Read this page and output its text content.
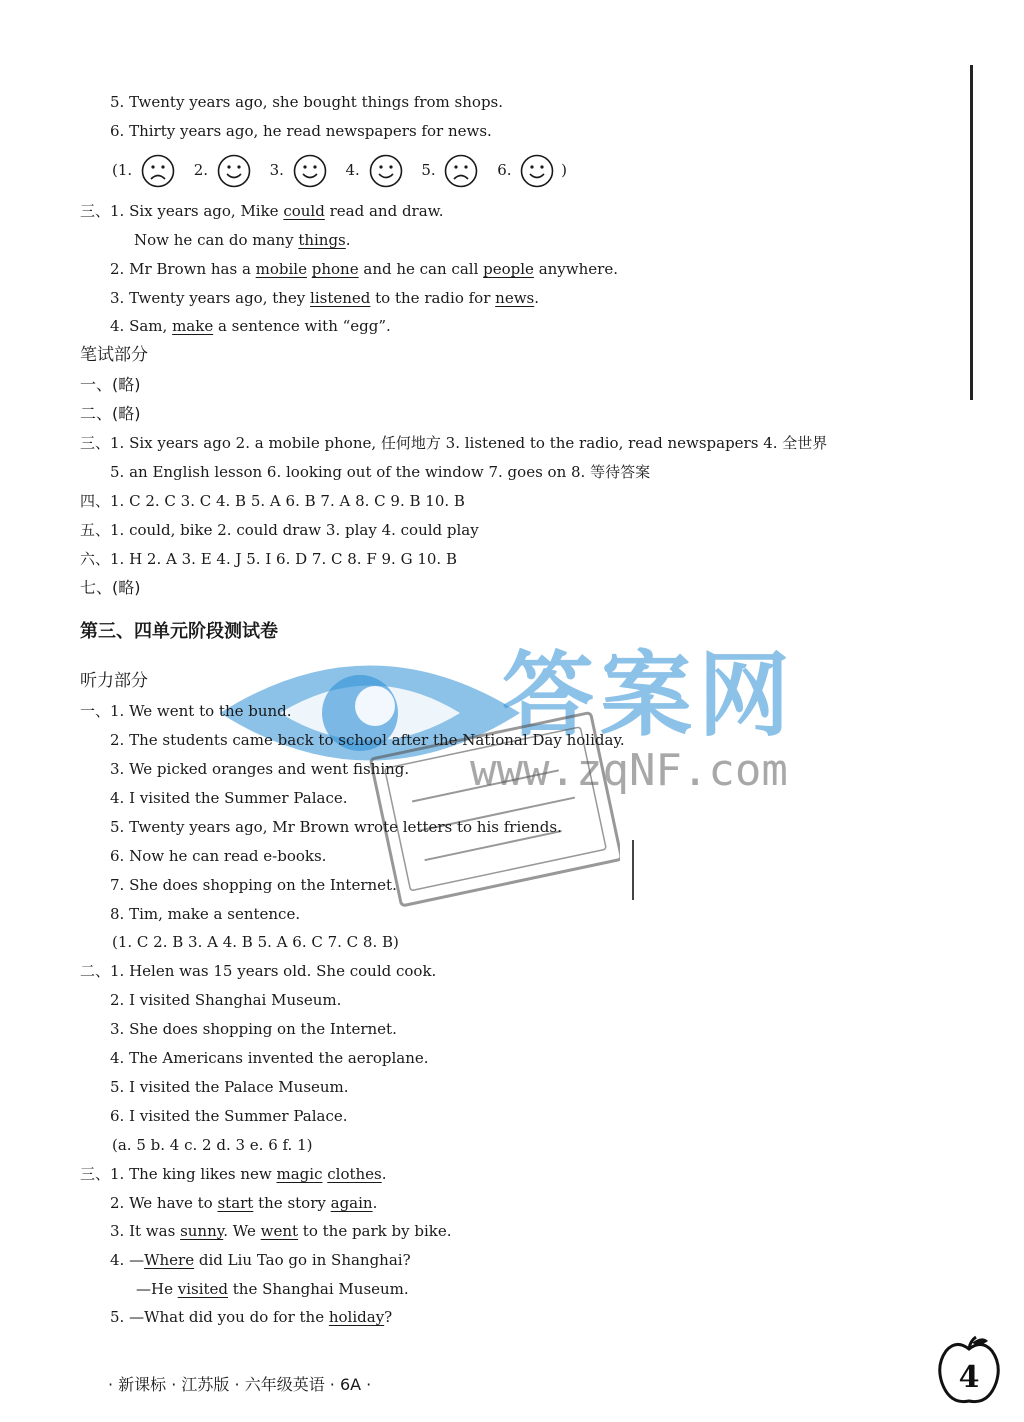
5. Twenty years ago, she bought things from shops.
6. Thirty years ago, he read newspapers for news.
(1.	2.	3.	4.	5.	6.	)
三、1. Six years ago, Mike could read and draw.
Now he can do many things.
2. Mr Brown has a mobile phone and he can call people anywhere.
3. Twenty years ago, they listened to the radio for news.
4. Sam, make a sentence with “egg”.
笔试部分
一、(略)
二、(略)
三、1. Six years ago 2. a mobile phone, 任何地方 3. listened to the radio, read newspapers 4. 全世界
5. an English lesson 6. looking out of the window 7. goes on 8. 等待答案
四、1. C 2. C 3. C 4. B 5. A 6. B 7. A 8. C 9. B 10. B
五、1. could, bike 2. could draw 3. play 4. could play
六、1. H 2. A 3. E 4. J 5. I 6. D 7. C 8. F 9. G 10. B
七、(略)
第三、四单元阶段测试卷
听力部分	答案网
www.zqNF.com
一、1. We went to the bund.
2. The students came back to school after the National Day holiday.
3. We picked oranges and went fishing.
4. I visited the Summer Palace.
5. Twenty years ago, Mr Brown wrote letters to his friends.
6. Now he can read e-books.
7. She does shopping on the Internet.
8. Tim, make a sentence.
(1. C 2. B 3. A 4. B 5. A 6. C 7. C 8. B)
二、1. Helen was 15 years old. She could cook.
2. I visited Shanghai Museum.
3. She does shopping on the Internet.
4. The Americans invented the aeroplane.
5. I visited the Palace Museum.
6. I visited the Summer Palace.
(a. 5 b. 4 c. 2 d. 3 e. 6 f. 1)
三、1. The king likes new magic clothes.
2. We have to start the story again.
3. It was sunny. We went to the park by bike.
4. —Where did Liu Tao go in Shanghai?
—He visited the Shanghai Museum.
5. —What did you do for the holiday?
· 新课标 · 江苏版 · 六年级英语 · 6A ·	4
